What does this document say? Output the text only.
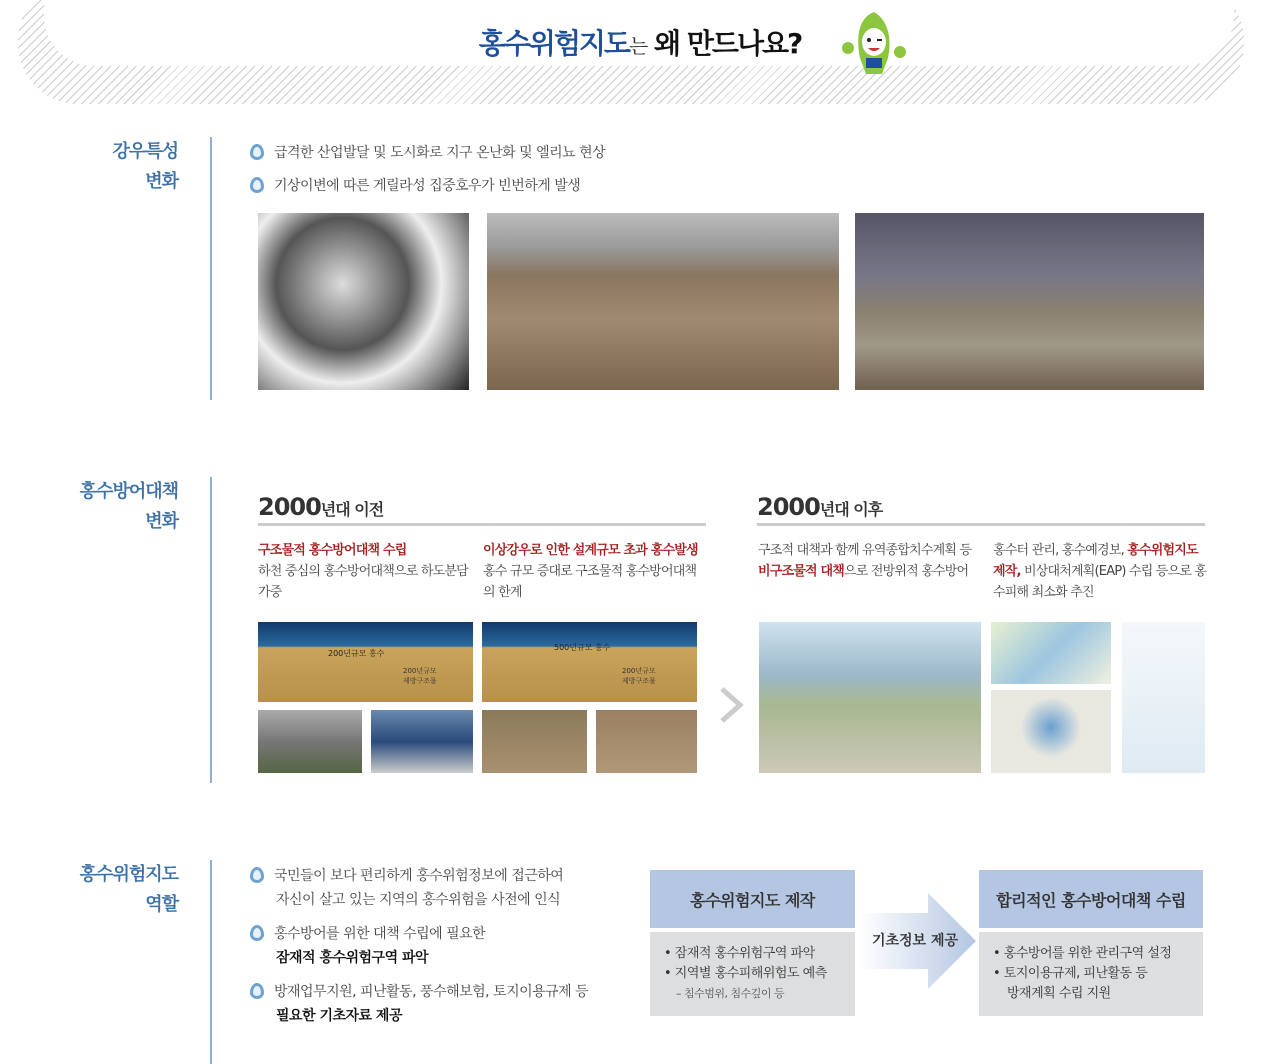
홍수위험지도는 왜 만드나요?
강우특성
변화
급격한 산업발달 및 도시화로 지구 온난화 및 엘리뇨 현상
기상이변에 따른 게릴라성 집중호우가 빈번하게 발생
홍수방어대책
변화
2000년대 이전	2000년대 이후
구조물적 홍수방어대책 수립
하천 중심의 홍수방어대책으로 하도분담 가중
이상강우로 인한 설계규모 초과 홍수발생
홍수 규모 증대로 구조물적 홍수방어대책의 한계
구조적 대책과 함께 유역종합치수계획 등 비구조물적 대책으로 전방위적 홍수방어
홍수터 관리, 홍수예경보, 홍수위험지도 제작, 비상대처계획(EAP) 수립 등으로 홍수피해 최소화 추진
200년규모 홍수
200년규모 제방구조물
500년규모 홍수
200년규모 제방구조물
홍수위험지도
역할
국민들이 보다 편리하게 홍수위험정보에 접근하여
자신이 살고 있는 지역의 홍수위험을 사전에 인식
홍수방어를 위한 대책 수립에 필요한
잠재적 홍수위험구역 파악
방재업무지원, 피난활동, 풍수해보험, 토지이용규제 등
필요한 기초자료 제공
홍수위험지도 제작
• 잠재적 홍수위험구역 파악
• 지역별 홍수피해위험도 예측
– 침수범위, 침수깊이 등
기초정보 제공
합리적인 홍수방어대책 수립
• 홍수방어를 위한 관리구역 설정
• 토지이용규제, 피난활동 등
방재계획 수립 지원
